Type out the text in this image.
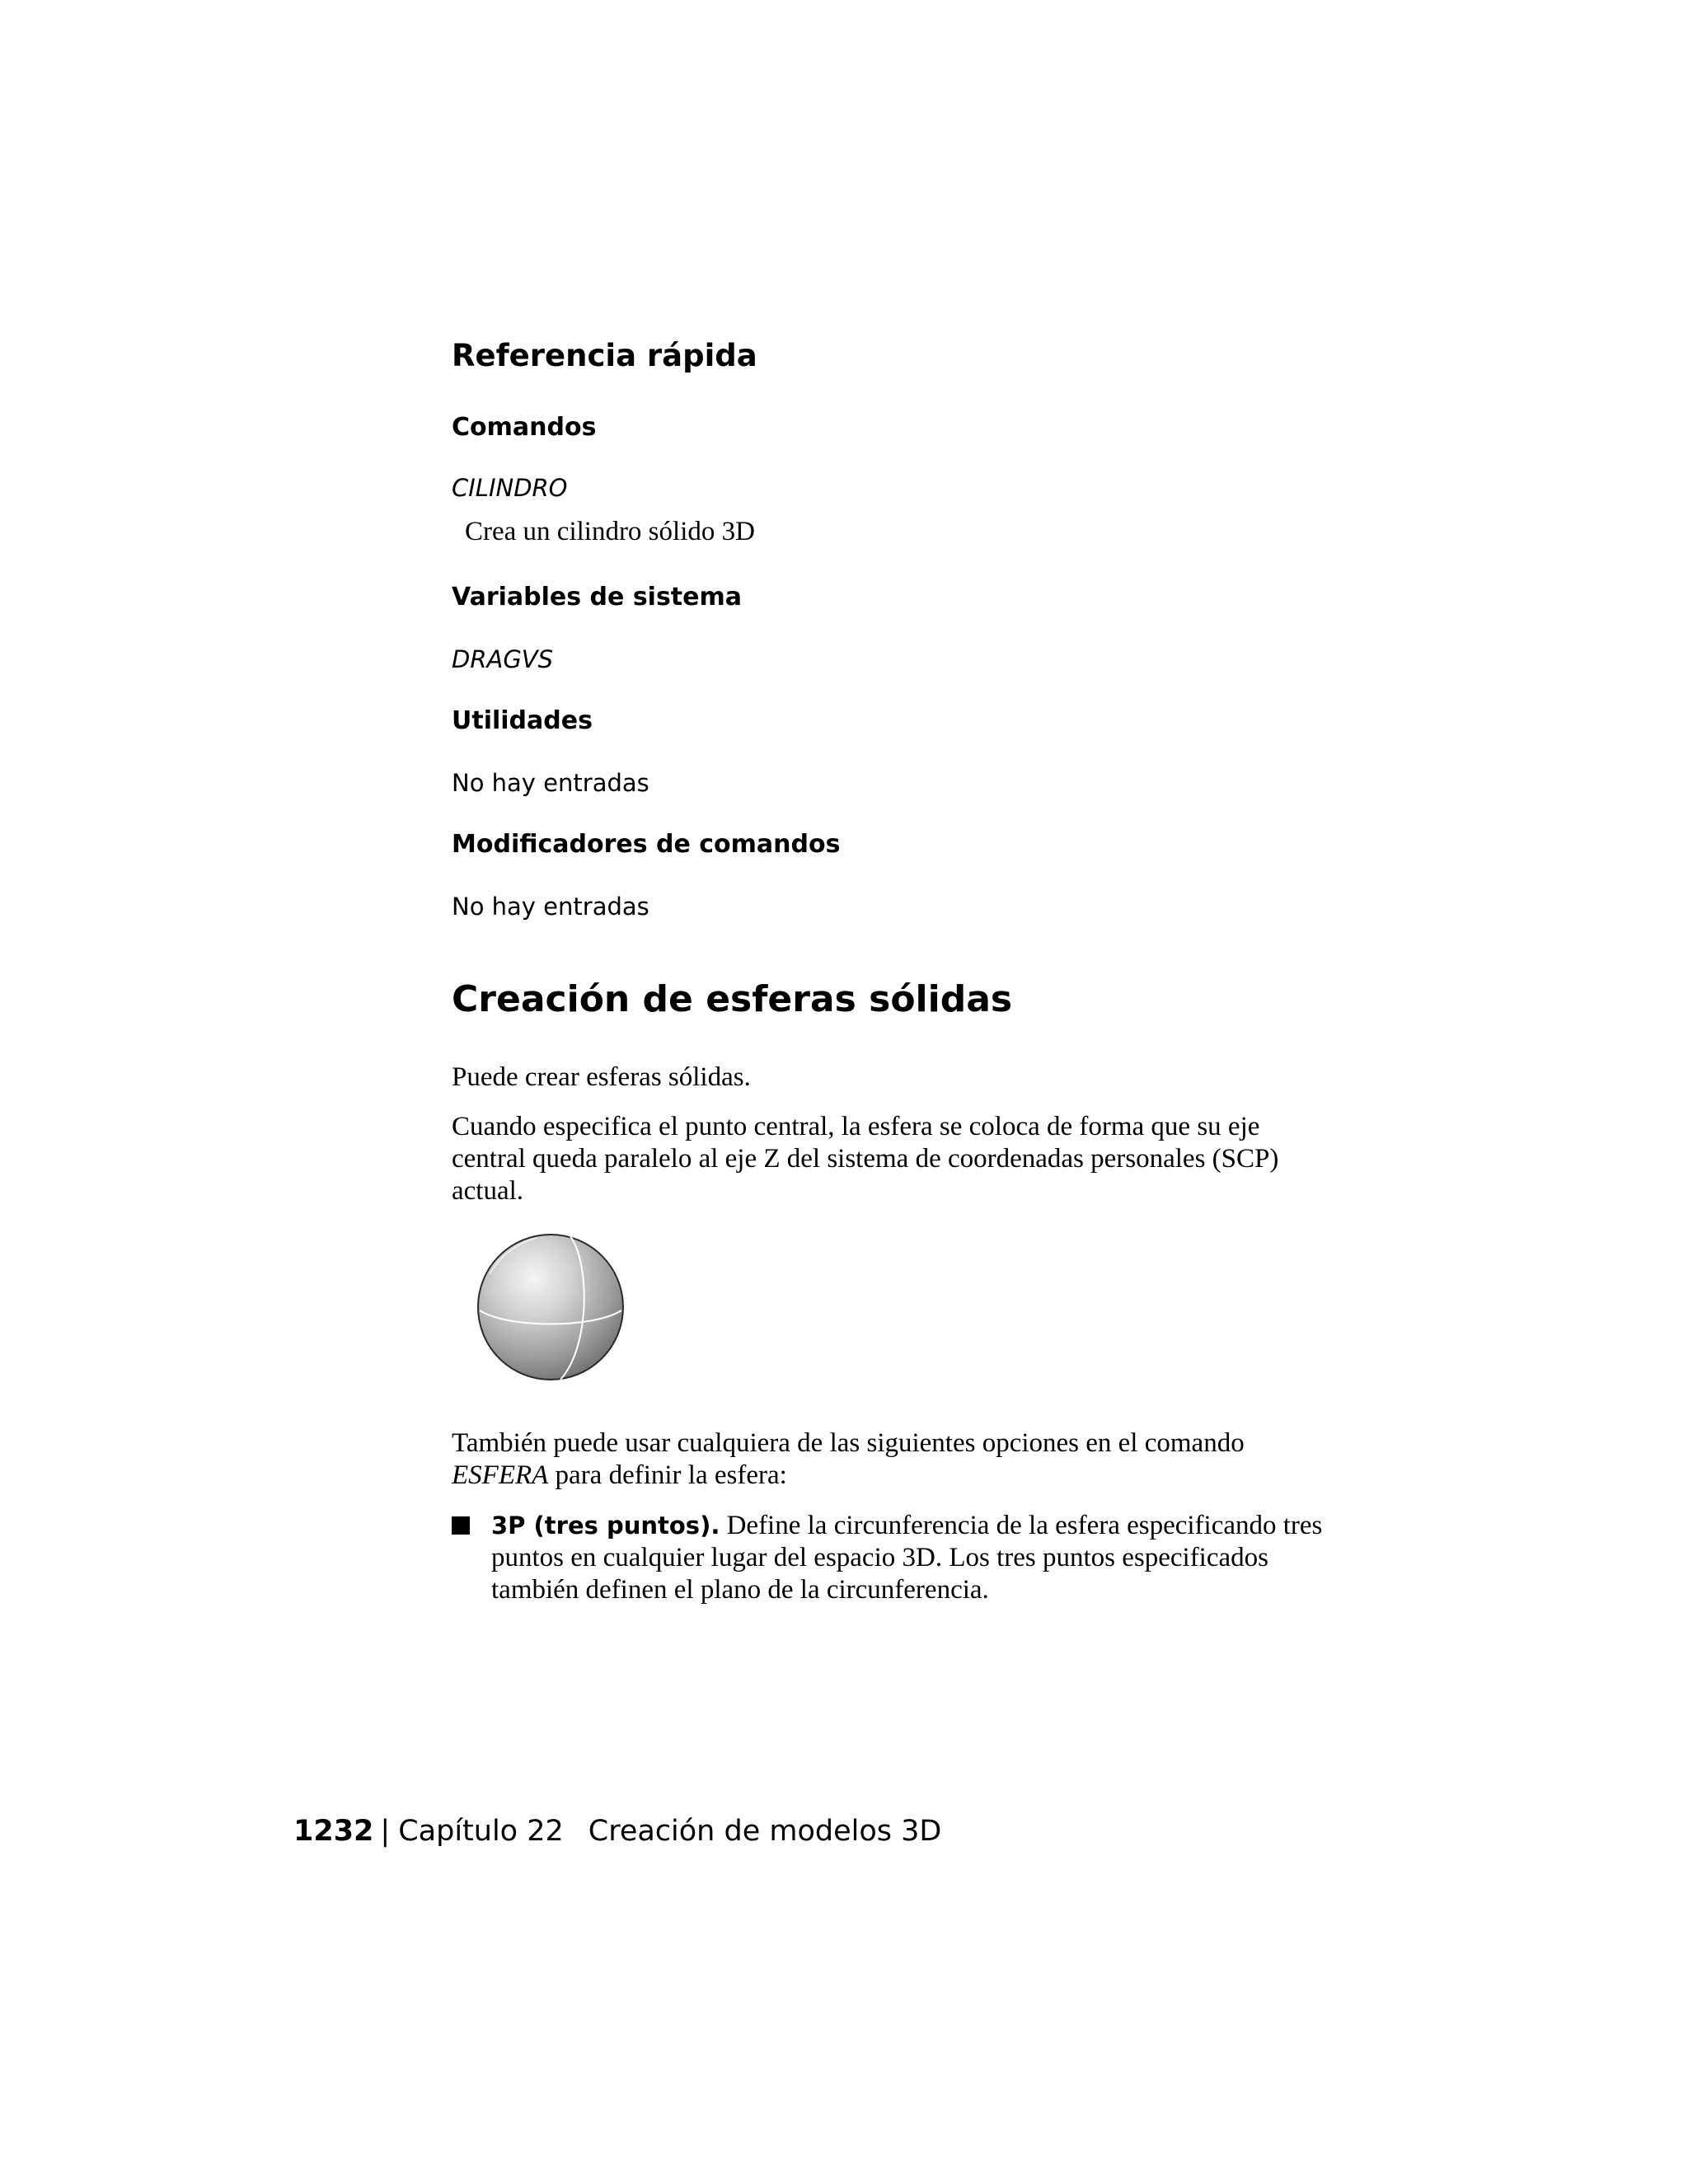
Referencia rápida
Comandos

CILINDRO

Crea un cilindro sólido 3D

Variables de sistema

DRAGVS

Utilidades

No hay entradas

Modificadores de comandos

No hay entradas

Creación de esferas sólidas

Puede crear esferas sólidas.

Cuando especifica el punto central, la esfera se coloca de forma que su eje central queda paralelo al eje Z del sistema de coordenadas personales (SCP) actual.

También puede usar cualquiera de las siguientes opciones en el comando ESFERA para definir la esfera:

3P (tres puntos). Define la circunferencia de la esfera especificando tres puntos en cualquier lugar del espacio 3D. Los tres puntos especificados también definen el plano de la circunferencia.
1232 | Capítulo 22 Creación de modelos 3D
